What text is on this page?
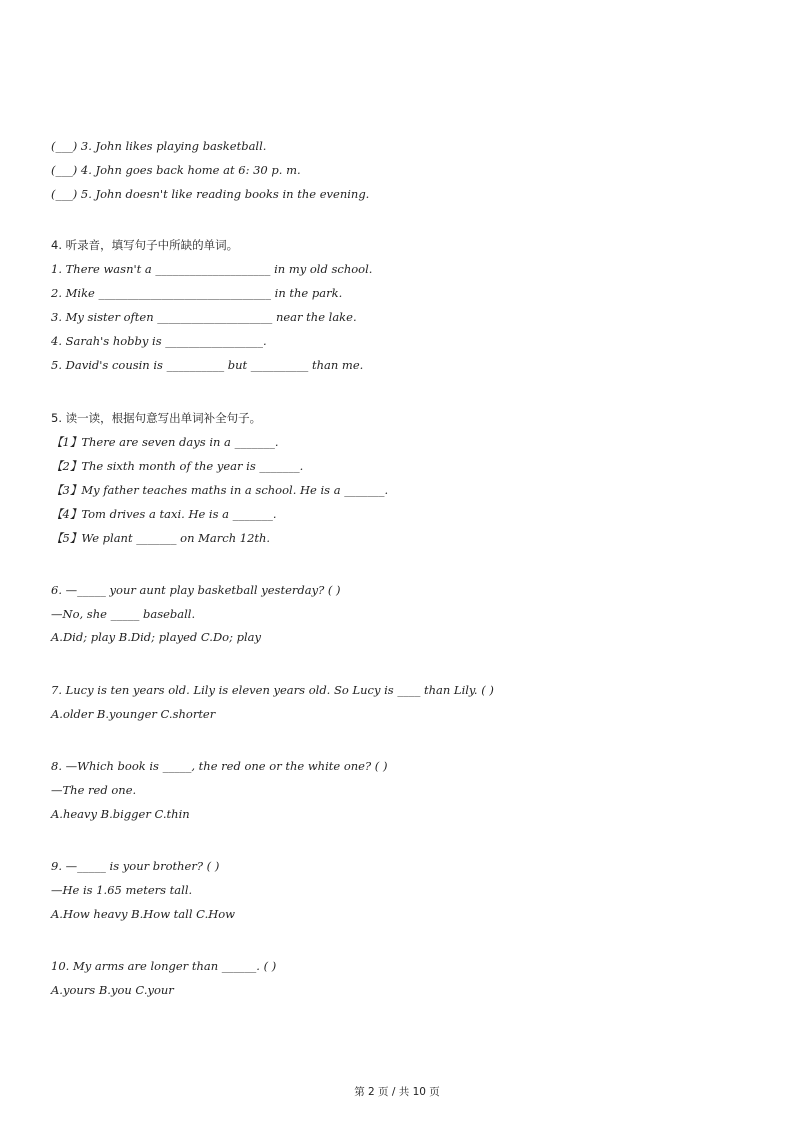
(___) 3. John likes playing basketball.
(___) 4. John goes back home at 6: 30 p. m.
(___) 5. John doesn't like reading books in the evening.
4. 听录音，填写句子中所缺的单词。
1. There wasn't a ____________________ in my old school.
2. Mike ______________________________ in the park.
3. My sister often ____________________ near the lake.
4. Sarah's hobby is _________________.
5. David's cousin is __________ but __________ than me.
5. 读一读，根据句意写出单词补全句子。
【1】There are seven days in a _______.
【2】The sixth month of the year is _______.
【3】My father teaches maths in a school. He is a _______.
【4】Tom drives a taxi. He is a _______.
【5】We plant _______ on March 12th.
6. —_____ your aunt play basketball yesterday? ( )
—No, she _____ baseball.
A.Did; play B.Did; played C.Do; play
7. Lucy is ten years old. Lily is eleven years old. So Lucy is ____ than Lily. ( )
A.older B.younger C.shorter
8. —Which book is _____, the red one or the white one? ( )
—The red one.
A.heavy B.bigger C.thin
9. —_____ is your brother? ( )
—He is 1.65 meters tall.
A.How heavy B.How tall C.How
10. My arms are longer than ______. ( )
A.yours B.you C.your
第 2 页 / 共 10 页
